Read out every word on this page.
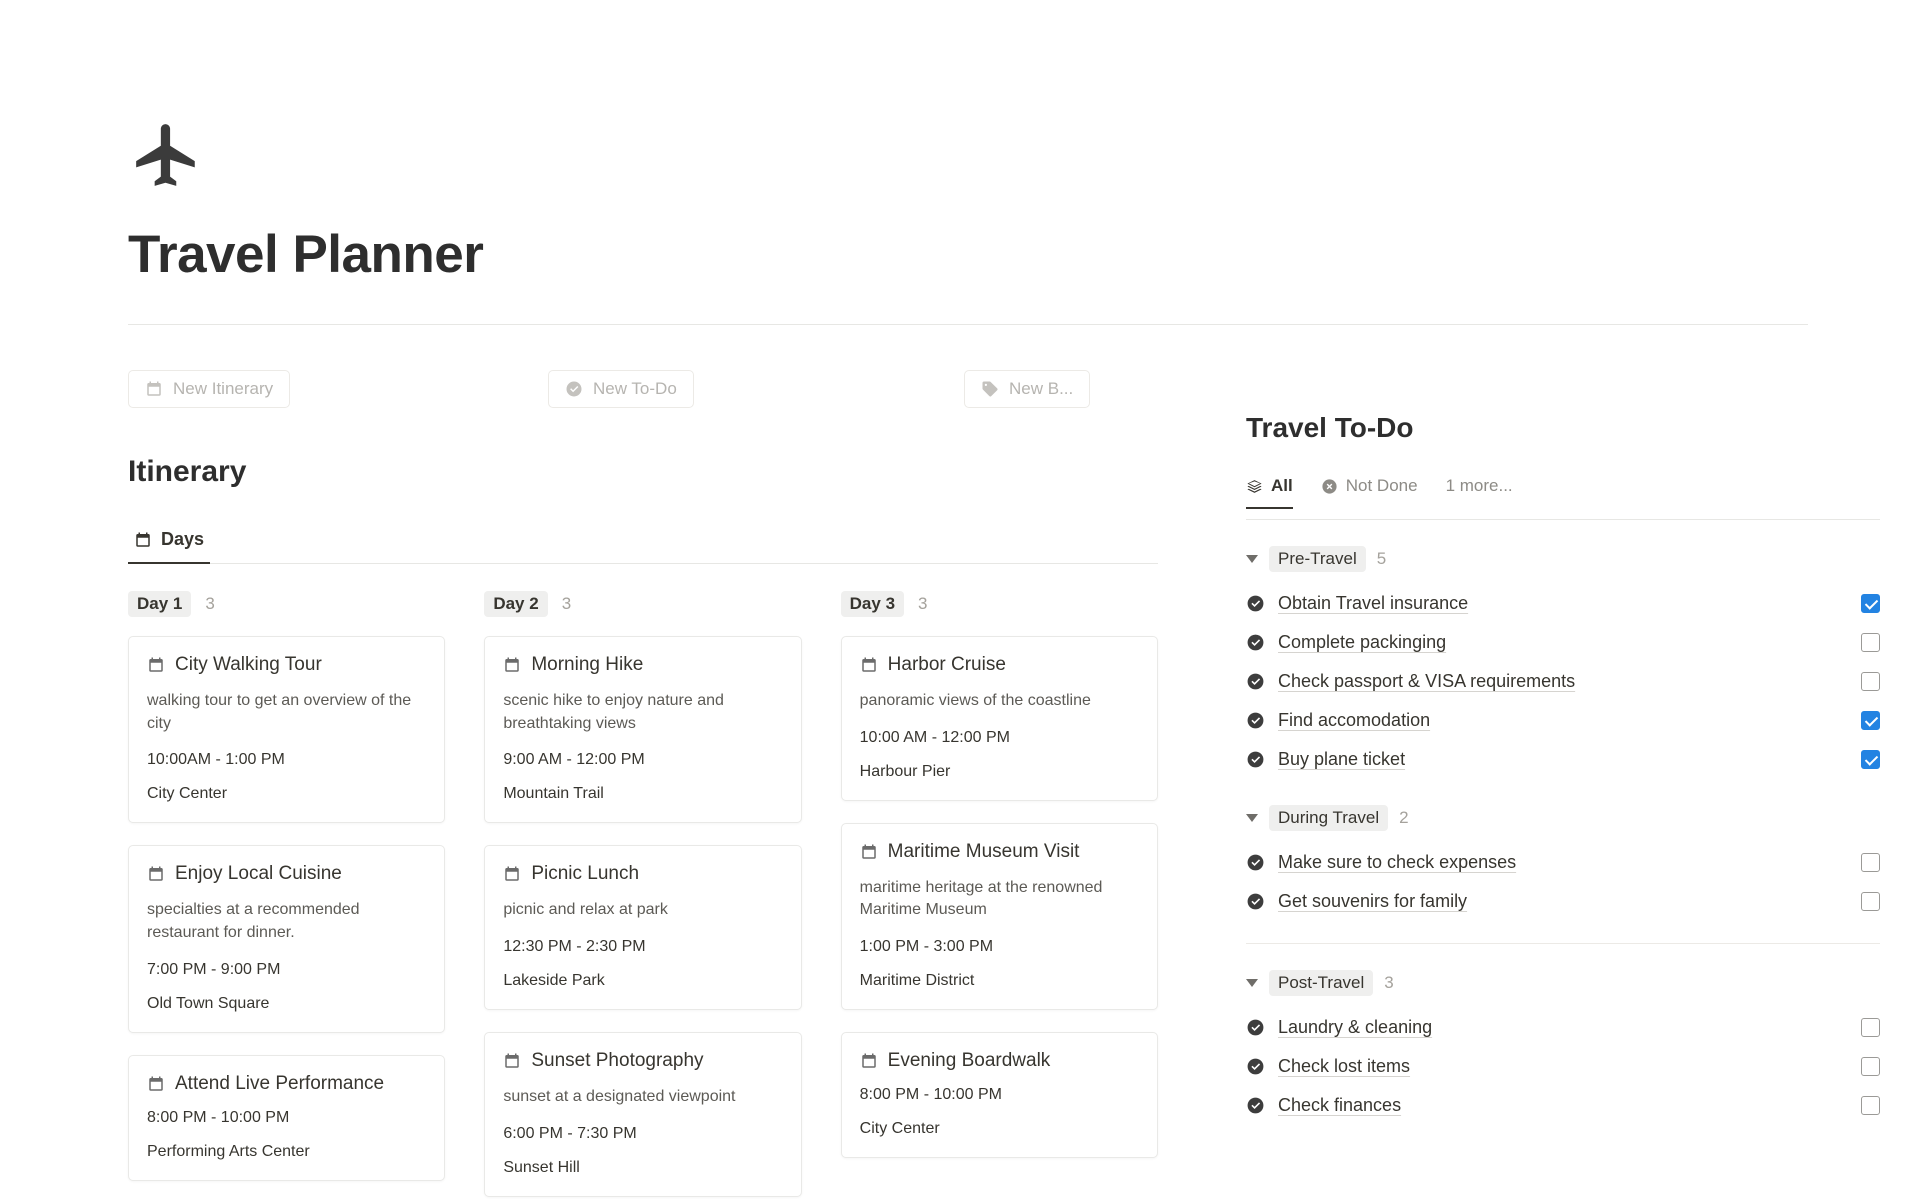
Travel Planner
New Itinerary	New To-Do	New B...
Itinerary
Days
Day 1	3
City Walking Tour
walking tour to get an overview of the city
10:00AM - 1:00 PM
City Center
Enjoy Local Cuisine
specialties at a recommended restaurant for dinner.
7:00 PM - 9:00 PM
Old Town Square
Attend Live Performance
8:00 PM - 10:00 PM
Performing Arts Center
Day 2	3
Morning Hike
scenic hike to enjoy nature and breathtaking views
9:00 AM - 12:00 PM
Mountain Trail
Picnic Lunch
picnic and relax at park
12:30 PM - 2:30 PM
Lakeside Park
Sunset Photography
sunset at a designated viewpoint
6:00 PM - 7:30 PM
Sunset Hill
Day 3	3
Harbor Cruise
panoramic views of the coastline
10:00 AM - 12:00 PM
Harbour Pier
Maritime Museum Visit
maritime heritage at the renowned Maritime Museum
1:00 PM - 3:00 PM
Maritime District
Evening Boardwalk
8:00 PM - 10:00 PM
City Center
Travel To-Do
All	Not Done 1 more...
Pre-Travel	5
Obtain Travel insurance
Complete packinging
Check passport & VISA requirements
Find accomodation
Buy plane ticket
During Travel	2
Make sure to check expenses
Get souvenirs for family
Post-Travel	3
Laundry & cleaning
Check lost items
Check finances
